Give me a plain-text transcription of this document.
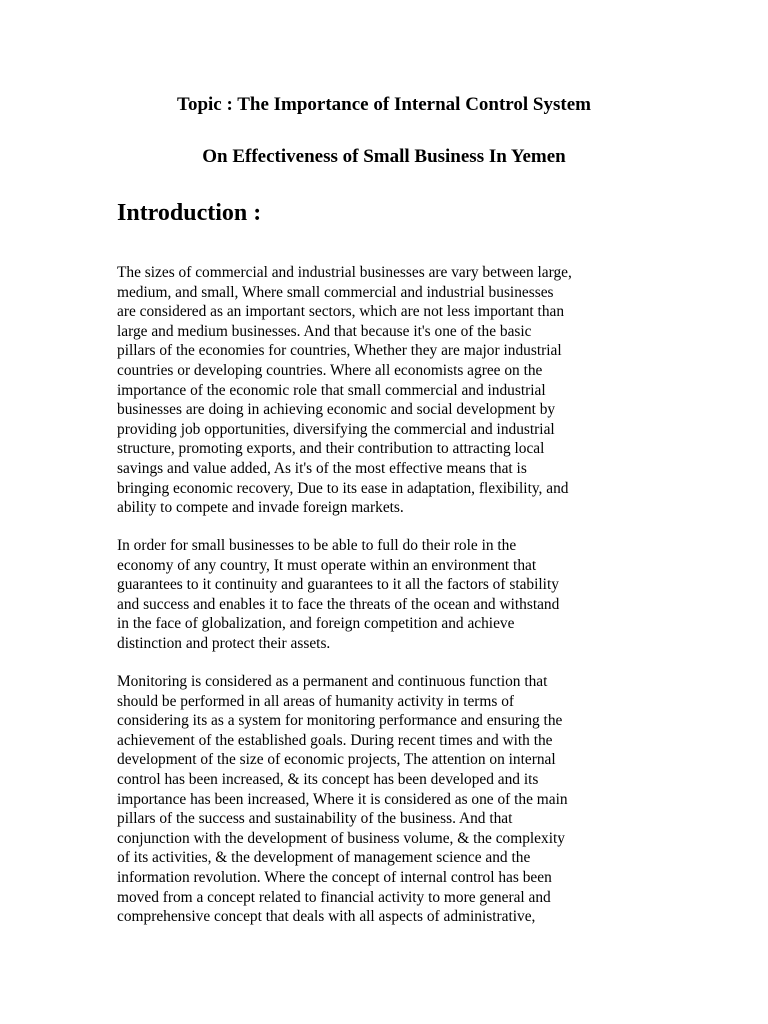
Topic : The Importance of Internal Control System
On Effectiveness of Small Business In Yemen
Introduction :
The sizes of commercial and industrial businesses are vary between large,
medium, and small, Where small commercial and industrial businesses
are considered as an important sectors, which are not less important than
large and medium businesses. And that because it's one of the basic
pillars of the economies for countries, Whether they are major industrial
countries or developing countries. Where all economists agree on the
importance of the economic role that small commercial and industrial
businesses are doing in achieving economic and social development by
providing job opportunities, diversifying the commercial and industrial
structure, promoting exports, and their contribution to attracting local
savings and value added, As it's of the most effective means that is
bringing economic recovery, Due to its ease in adaptation, flexibility, and
ability to compete and invade foreign markets.
In order for small businesses to be able to full do their role in the
economy of any country, It must operate within an environment that
guarantees to it continuity and guarantees to it all the factors of stability
and success and enables it to face the threats of the ocean and withstand
in the face of globalization, and foreign competition and achieve
distinction and protect their assets.
Monitoring is considered as a permanent and continuous function that
should be performed in all areas of humanity activity in terms of
considering its as a system for monitoring performance and ensuring the
achievement of the established goals. During recent times and with the
development of the size of economic projects, The attention on internal
control has been increased, & its concept has been developed and its
importance has been increased, Where it is considered as one of the main
pillars of the success and sustainability of the business. And that
conjunction with the development of business volume, & the complexity
of its activities, & the development of management science and the
information revolution. Where the concept of internal control has been
moved from a concept related to financial activity to more general and
comprehensive concept that deals with all aspects of administrative,
